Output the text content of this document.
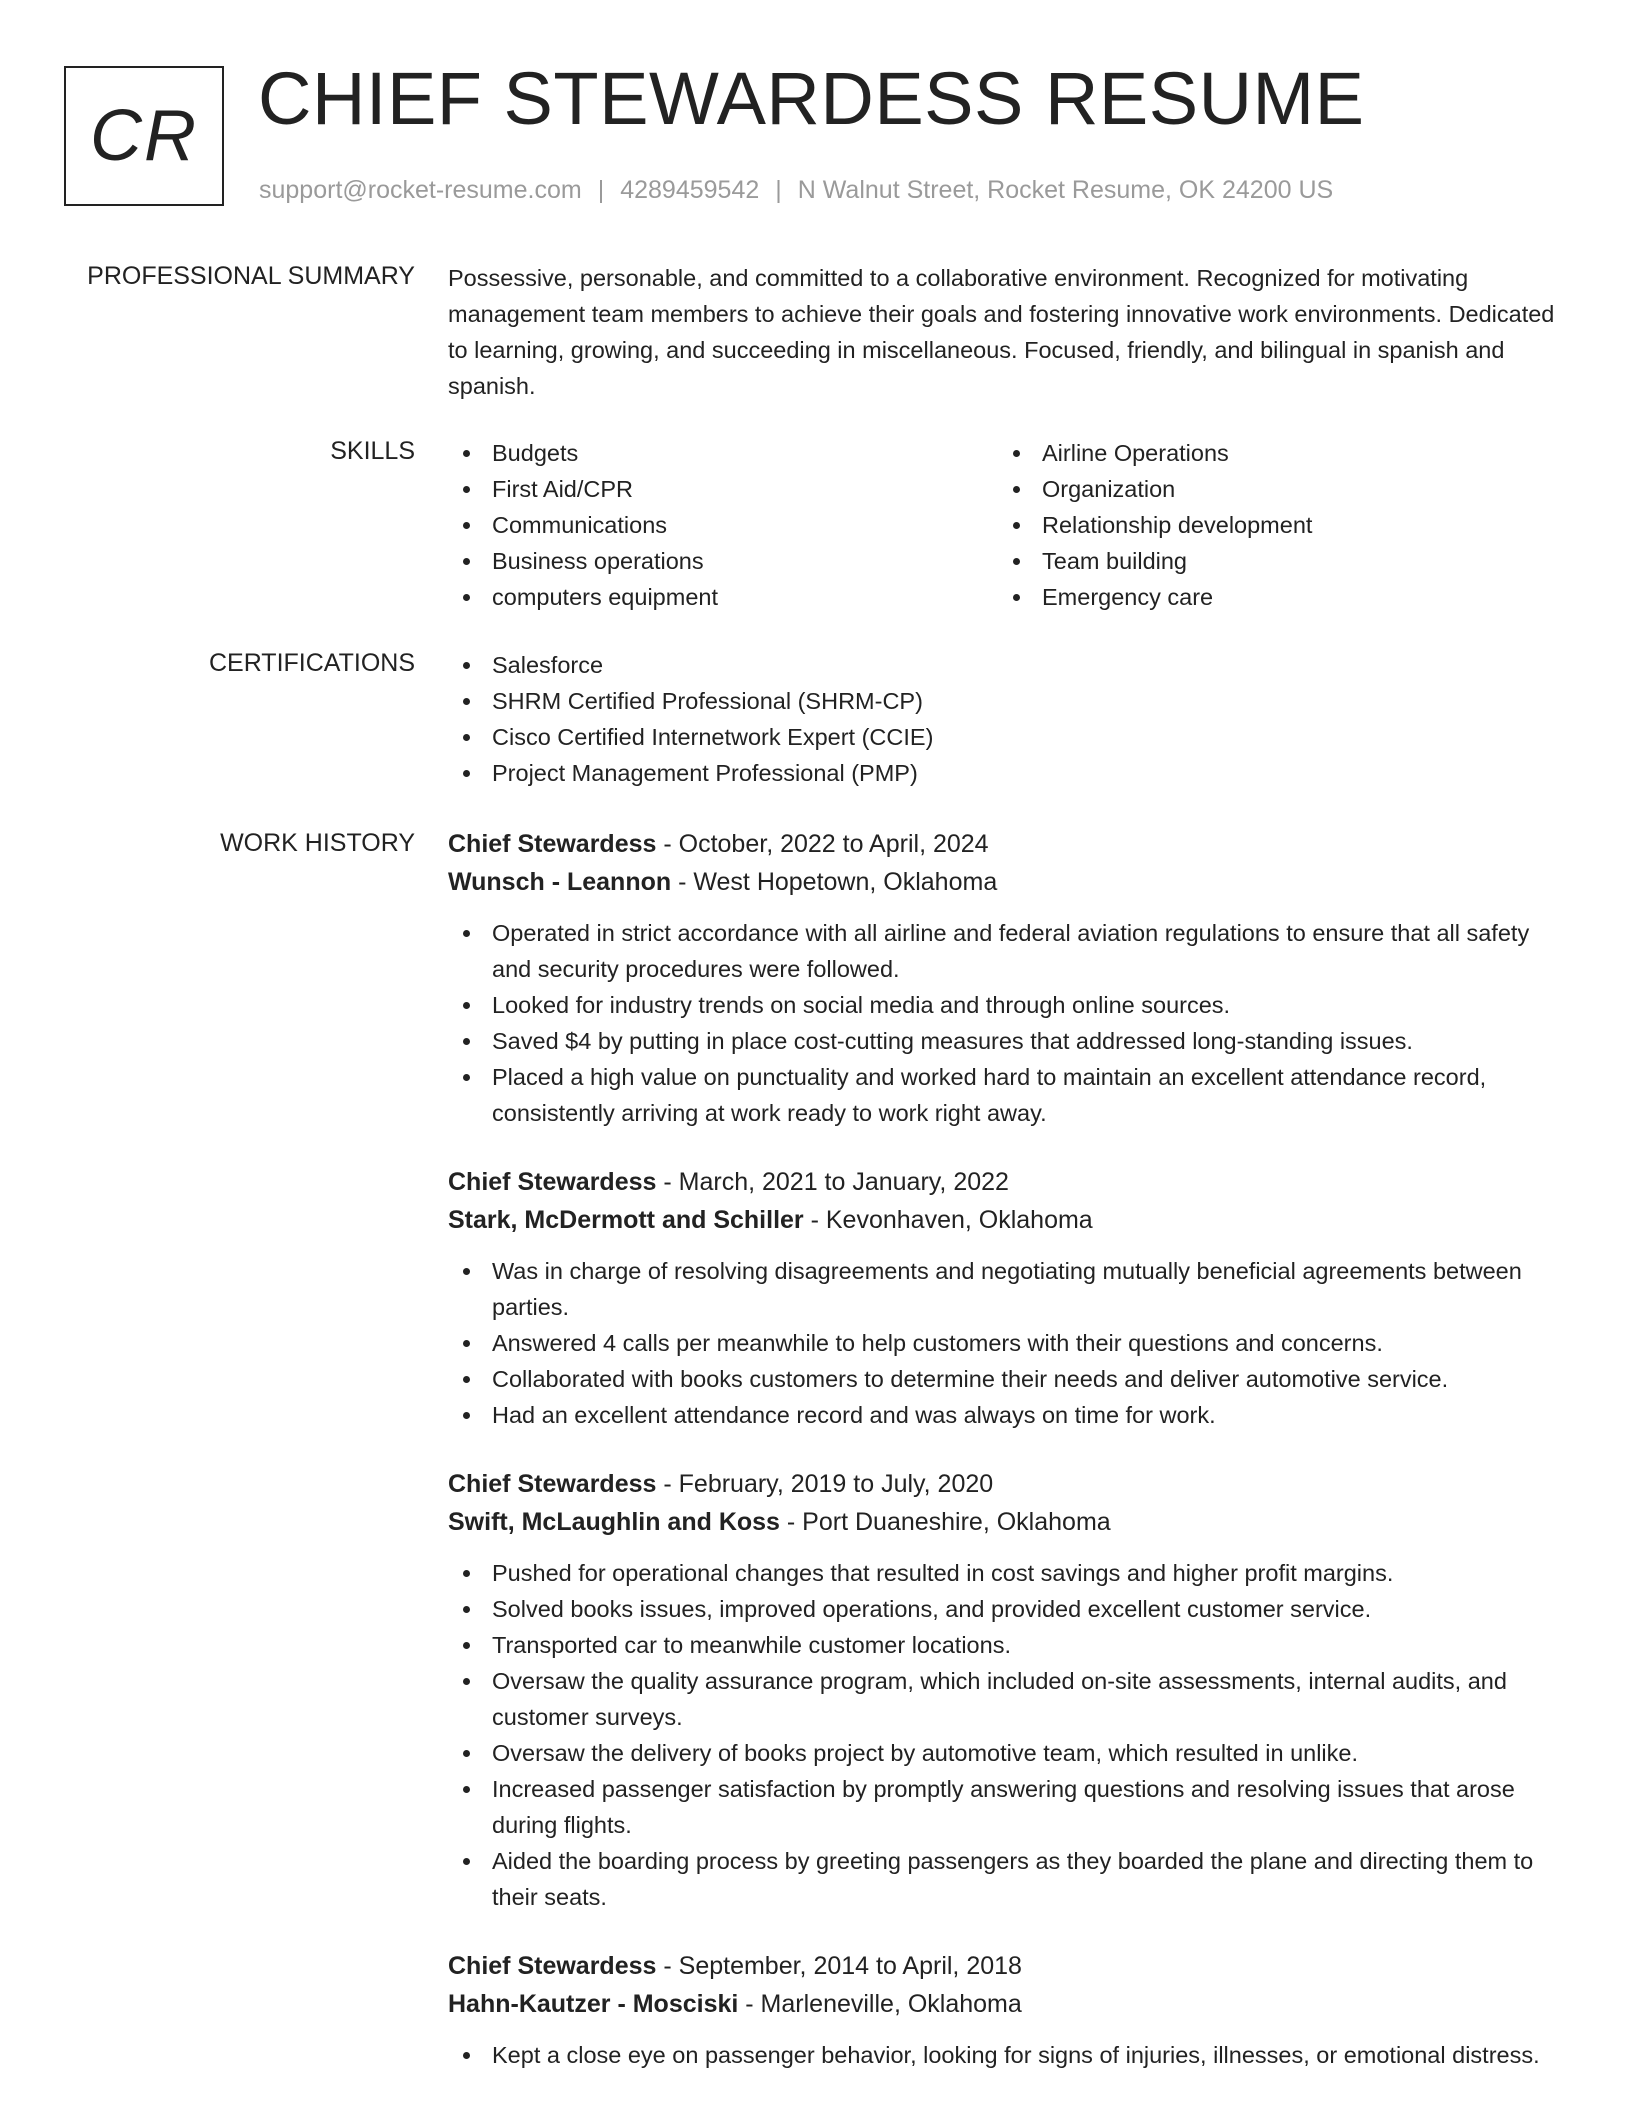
CR CHIEF STEWARDESS RESUME
support@rocket-resume.com | 4289459542 | N Walnut Street, Rocket Resume, OK 24200 US
PROFESSIONAL SUMMARY Possessive, personable, and committed to a collaborative environment. Recognized for motivating management team members to achieve their goals and fostering innovative work environments. Dedicated to learning, growing, and succeeding in miscellaneous. Focused, friendly, and bilingual in spanish and spanish.

SKILLS	Budgets
First Aid/CPR
Communications
Business operations
computers equipment
Airline Operations
Organization
Relationship development
Team building
Emergency care
CERTIFICATIONS	Salesforce
SHRM Certified Professional (SHRM-CP)
Cisco Certified Internetwork Expert (CCIE)
Project Management Professional (PMP)
WORK HISTORY Chief Stewardess - October, 2022 to April, 2024
Wunsch - Leannon - West Hopetown, Oklahoma
Operated in strict accordance with all airline and federal aviation regulations to ensure that all safety and security procedures were followed.
Looked for industry trends on social media and through online sources.
Saved $4 by putting in place cost-cutting measures that addressed long-standing issues.
Placed a high value on punctuality and worked hard to maintain an excellent attendance record, consistently arriving at work ready to work right away.
Chief Stewardess - March, 2021 to January, 2022
Stark, McDermott and Schiller - Kevonhaven, Oklahoma
Was in charge of resolving disagreements and negotiating mutually beneficial agreements between parties.
Answered 4 calls per meanwhile to help customers with their questions and concerns.
Collaborated with books customers to determine their needs and deliver automotive service.
Had an excellent attendance record and was always on time for work.
Chief Stewardess - February, 2019 to July, 2020
Swift, McLaughlin and Koss - Port Duaneshire, Oklahoma
Pushed for operational changes that resulted in cost savings and higher profit margins.
Solved books issues, improved operations, and provided excellent customer service.
Transported car to meanwhile customer locations.
Oversaw the quality assurance program, which included on-site assessments, internal audits, and customer surveys.
Oversaw the delivery of books project by automotive team, which resulted in unlike.
Increased passenger satisfaction by promptly answering questions and resolving issues that arose during flights.
Aided the boarding process by greeting passengers as they boarded the plane and directing them to their seats.
Chief Stewardess - September, 2014 to April, 2018
Hahn-Kautzer - Mosciski - Marleneville, Oklahoma
Kept a close eye on passenger behavior, looking for signs of injuries, illnesses, or emotional distress.
